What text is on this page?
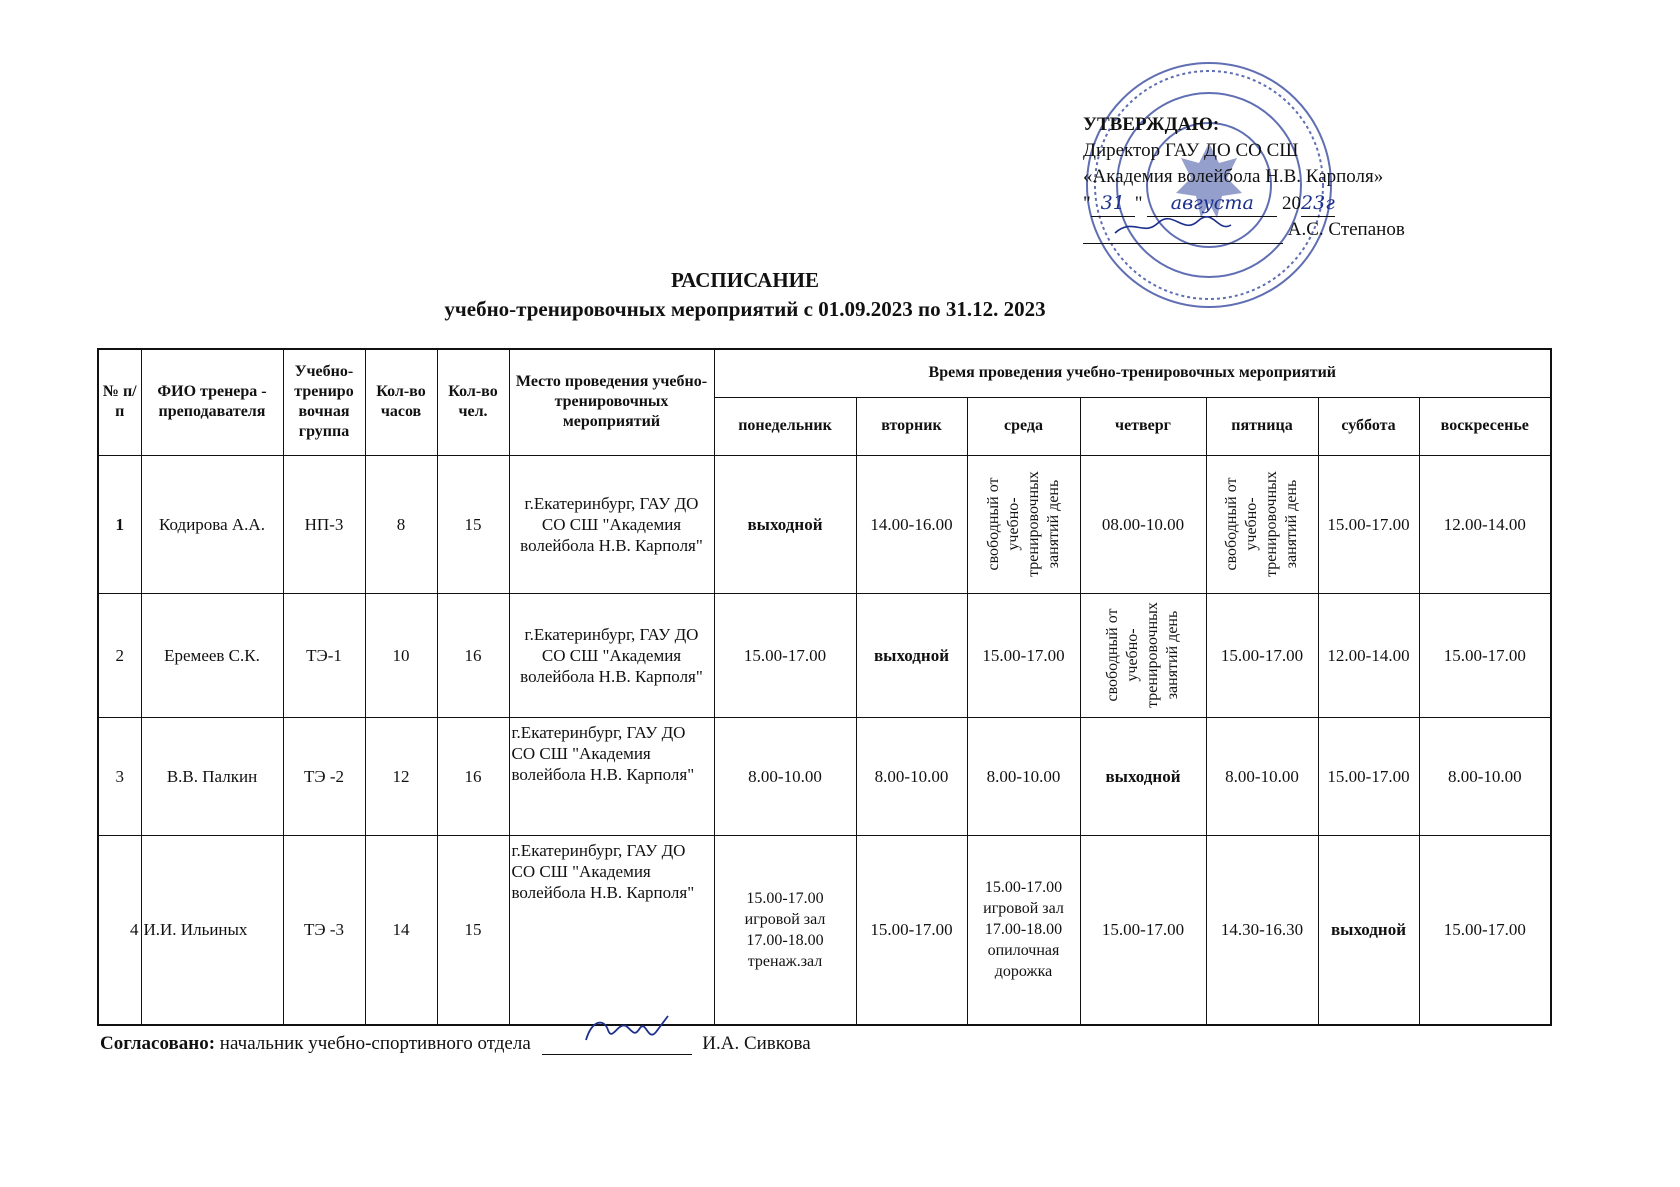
УТВЕРЖДАЮ:
Директор ГАУ ДО СО СШ
«Академия волейбола Н.В. Карполя»
" 31 " августа 2023г
А.С. Степанов
РАСПИСАНИЕ
учебно-тренировочных мероприятий с 01.09.2023 по 31.12. 2023
№ п/п	ФИО тренера - преподавателя	Учебно-трениро вочная группа	Кол-во часов	Кол-во чел.	Место проведения учебно-тренировочных мероприятий	Время проведения учебно-тренировочных мероприятий						
						понедельник	вторник	среда	четверг	пятница	суббота	воскресенье
1	Кодирова А.А.	НП-3	8	15	г.Екатеринбург, ГАУ ДО СО СШ "Академия волейбола Н.В. Карполя"	выходной	14.00-16.00	свободный от учебно-тренировочных занятий день	08.00-10.00	свободный от учебно-тренировочных занятий день	15.00-17.00	12.00-14.00
2	Еремеев С.К.	ТЭ-1	10	16	г.Екатеринбург, ГАУ ДО СО СШ "Академия волейбола Н.В. Карполя"	15.00-17.00	выходной	15.00-17.00	свободный от учебно-тренировочных занятий день	15.00-17.00	12.00-14.00	15.00-17.00
3	В.В. Палкин	ТЭ -2	12	16	г.Екатеринбург, ГАУ ДО СО СШ "Академия волейбола Н.В. Карполя"	8.00-10.00	8.00-10.00	8.00-10.00	выходной	8.00-10.00	15.00-17.00	8.00-10.00
4	И.И. Ильиных	ТЭ -3	14	15	г.Екатеринбург, ГАУ ДО СО СШ "Академия волейбола Н.В. Карполя"	15.00-17.00 игровой зал 17.00-18.00 тренаж.зал	15.00-17.00	15.00-17.00 игровой зал 17.00-18.00 опилочная дорожка	15.00-17.00	14.30-16.30	выходной	15.00-17.00
Согласовано: начальник учебно-спортивного отдела	И.А. Сивкова
